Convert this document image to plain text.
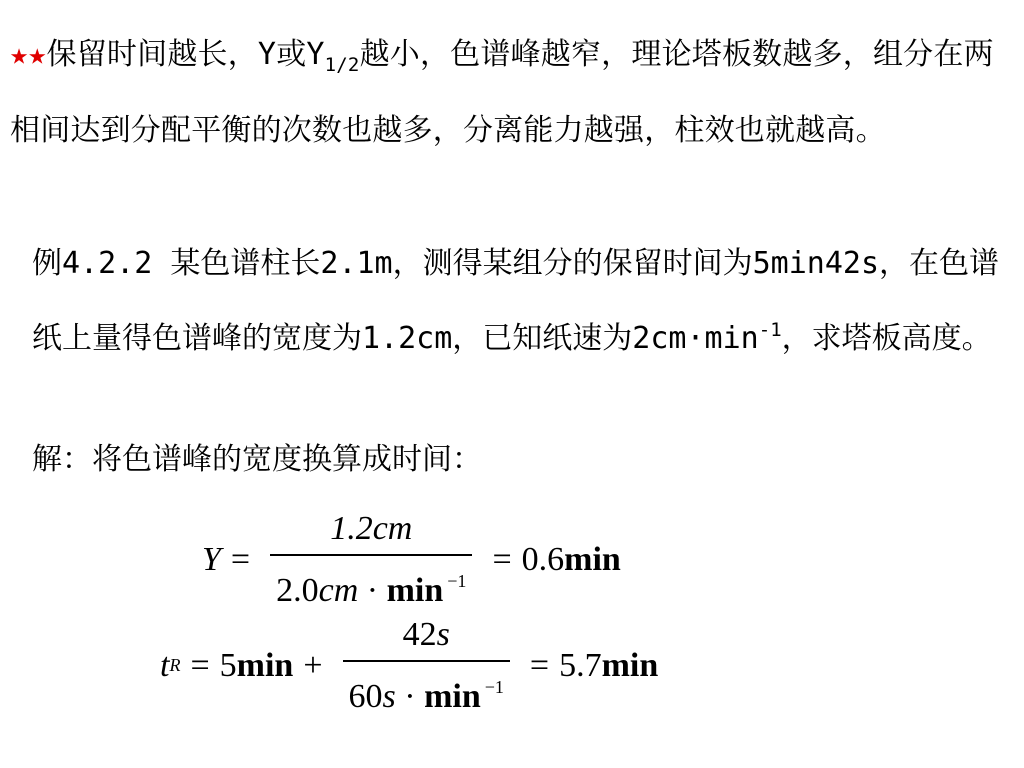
★★保留时间越长，Y或$Y_{1/2}$越小，色谱峰越窄，理论塔板数越多，组分在两相间达到分配平衡的次数也越多，分离能力越强，柱效也就越高。
例4.2.2 某色谱柱长2.1m，测得某组分的保留时间为5min42s，在色谱纸上量得色谱峰的宽度为1.2cm，已知纸速为$2cm\cdot\min^{-1}$，求塔板高度。
解：将色谱峰的宽度换算成时间：
$Y = \frac{1.2cm}{2.0cm \cdot \min ^{-1}} = 0.6$ min
t R = 5 $\min + \frac{42s}{60s \cdot \min ^{-1}} = 5.7$ min
